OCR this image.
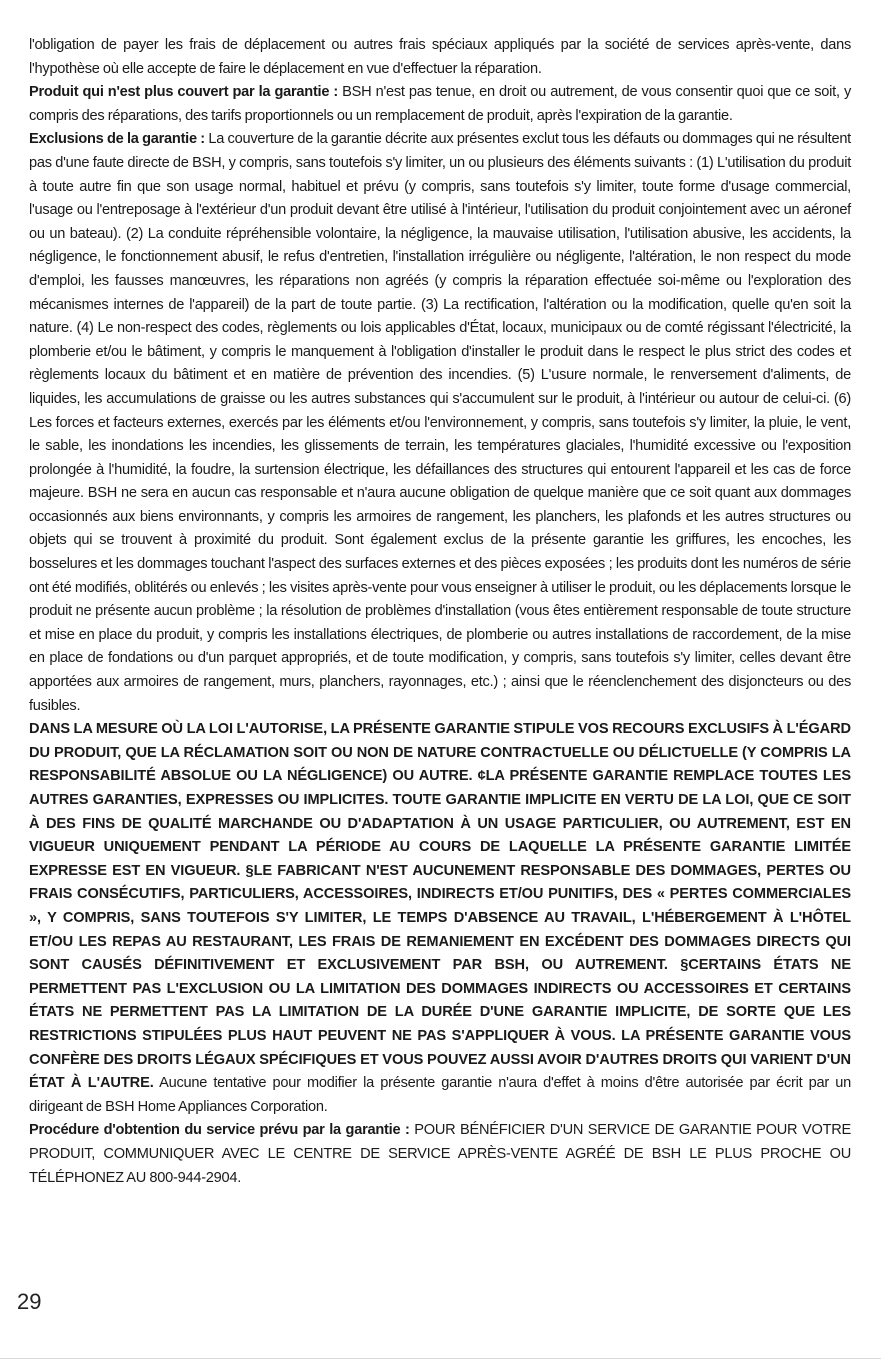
l'obligation de payer les frais de déplacement ou autres frais spéciaux appliqués par la société de services après-vente, dans l'hypothèse où elle accepte de faire le déplacement en vue d'effectuer la réparation.

Produit qui n'est plus couvert par la garantie : BSH n'est pas tenue, en droit ou autrement, de vous consentir quoi que ce soit, y compris des réparations, des tarifs proportionnels ou un remplacement de produit, après l'expiration de la garantie.

Exclusions de la garantie : La couverture de la garantie décrite aux présentes exclut tous les défauts ou dommages qui ne résultent pas d'une faute directe de BSH, y compris, sans toutefois s'y limiter, un ou plusieurs des éléments suivants : (1) L'utilisation du produit à toute autre fin que son usage normal, habituel et prévu (y compris, sans toutefois s'y limiter, toute forme d'usage commercial, l'usage ou l'entreposage à l'extérieur d'un produit devant être utilisé à l'intérieur, l'utilisation du produit conjointement avec un aéronef ou un bateau). (2) La conduite répréhensible volontaire, la négligence, la mauvaise utilisation, l'utilisation abusive, les accidents, la négligence, le fonctionnement abusif, le refus d'entretien, l'installation irrégulière ou négligente, l'altération, le non respect du mode d'emploi, les fausses manœuvres, les réparations non agréés (y compris la réparation effectuée soi-même ou l'exploration des mécanismes internes de l'appareil) de la part de toute partie. (3) La rectification, l'altération ou la modification, quelle qu'en soit la nature. (4) Le non-respect des codes, règlements ou lois applicables d'État, locaux, municipaux ou de comté régissant l'électricité, la plomberie et/ou le bâtiment, y compris le manquement à l'obligation d'installer le produit dans le respect le plus strict des codes et règlements locaux du bâtiment et en matière de prévention des incendies. (5) L'usure normale, le renversement d'aliments, de liquides, les accumulations de graisse ou les autres substances qui s'accumulent sur le produit, à l'intérieur ou autour de celui-ci. (6) Les forces et facteurs externes, exercés par les éléments et/ou l'environnement, y compris, sans toutefois s'y limiter, la pluie, le vent, le sable, les inondations les incendies, les glissements de terrain, les températures glaciales, l'humidité excessive ou l'exposition prolongée à l'humidité, la foudre, la surtension électrique, les défaillances des structures qui entourent l'appareil et les cas de force majeure. BSH ne sera en aucun cas responsable et n'aura aucune obligation de quelque manière que ce soit quant aux dommages occasionnés aux biens environnants, y compris les armoires de rangement, les planchers, les plafonds et les autres structures ou objets qui se trouvent à proximité du produit. Sont également exclus de la présente garantie les griffures, les encoches, les bosselures et les dommages touchant l'aspect des surfaces externes et des pièces exposées ; les produits dont les numéros de série ont été modifiés, oblitérés ou enlevés ; les visites après-vente pour vous enseigner à utiliser le produit, ou les déplacements lorsque le produit ne présente aucun problème ; la résolution de problèmes d'installation (vous êtes entièrement responsable de toute structure et mise en place du produit, y compris les installations électriques, de plomberie ou autres installations de raccordement, de la mise en place de fondations ou d'un parquet appropriés, et de toute modification, y compris, sans toutefois s'y limiter, celles devant être apportées aux armoires de rangement, murs, planchers, rayonnages, etc.) ; ainsi que le réenclenchement des disjoncteurs ou des fusibles.

DANS LA MESURE OÙ LA LOI L'AUTORISE, LA PRÉSENTE GARANTIE STIPULE VOS RECOURS EXCLUSIFS À L'ÉGARD DU PRODUIT, QUE LA RÉCLAMATION SOIT OU NON DE NATURE CONTRACTUELLE OU DÉLICTUELLE (Y COMPRIS LA RESPONSABILITÉ ABSOLUE OU LA NÉGLIGENCE) OU AUTRE. ¢LA PRÉSENTE GARANTIE REMPLACE TOUTES LES AUTRES GARANTIES, EXPRESSES OU IMPLICITES. TOUTE GARANTIE IMPLICITE EN VERTU DE LA LOI, QUE CE SOIT À DES FINS DE QUALITÉ MARCHANDE OU D'ADAPTATION À UN USAGE PARTICULIER, OU AUTREMENT, EST EN VIGUEUR UNIQUEMENT PENDANT LA PÉRIODE AU COURS DE LAQUELLE LA PRÉSENTE GARANTIE LIMITÉE EXPRESSE EST EN VIGUEUR. §LE FABRICANT N'EST AUCUNEMENT RESPONSABLE DES DOMMAGES, PERTES OU FRAIS CONSÉCUTIFS, PARTICULIERS, ACCESSOIRES, INDIRECTS ET/OU PUNITIFS, DES « PERTES COMMERCIALES », Y COMPRIS, SANS TOUTEFOIS S'Y LIMITER, LE TEMPS D'ABSENCE AU TRAVAIL, L'HÉBERGEMENT À L'HÔTEL ET/OU LES REPAS AU RESTAURANT, LES FRAIS DE REMANIEMENT EN EXCÉDENT DES DOMMAGES DIRECTS QUI SONT CAUSÉS DÉFINITIVEMENT ET EXCLUSIVEMENT PAR BSH, OU AUTREMENT. §CERTAINS ÉTATS NE PERMETTENT PAS L'EXCLUSION OU LA LIMITATION DES DOMMAGES INDIRECTS OU ACCESSOIRES ET CERTAINS ÉTATS NE PERMETTENT PAS LA LIMITATION DE LA DURÉE D'UNE GARANTIE IMPLICITE, DE SORTE QUE LES RESTRICTIONS STIPULÉES PLUS HAUT PEUVENT NE PAS S'APPLIQUER À VOUS. LA PRÉSENTE GARANTIE VOUS CONFÈRE DES DROITS LÉGAUX SPÉCIFIQUES ET VOUS POUVEZ AUSSI AVOIR D'AUTRES DROITS QUI VARIENT D'UN ÉTAT À L'AUTRE. Aucune tentative pour modifier la présente garantie n'aura d'effet à moins d'être autorisée par écrit par un dirigeant de BSH Home Appliances Corporation.

Procédure d'obtention du service prévu par la garantie : POUR BÉNÉFICIER D'UN SERVICE DE GARANTIE POUR VOTRE PRODUIT, COMMUNIQUER AVEC LE CENTRE DE SERVICE APRÈS-VENTE AGRÉÉ DE BSH LE PLUS PROCHE OU TÉLÉPHONEZ AU 800-944-2904.

29
